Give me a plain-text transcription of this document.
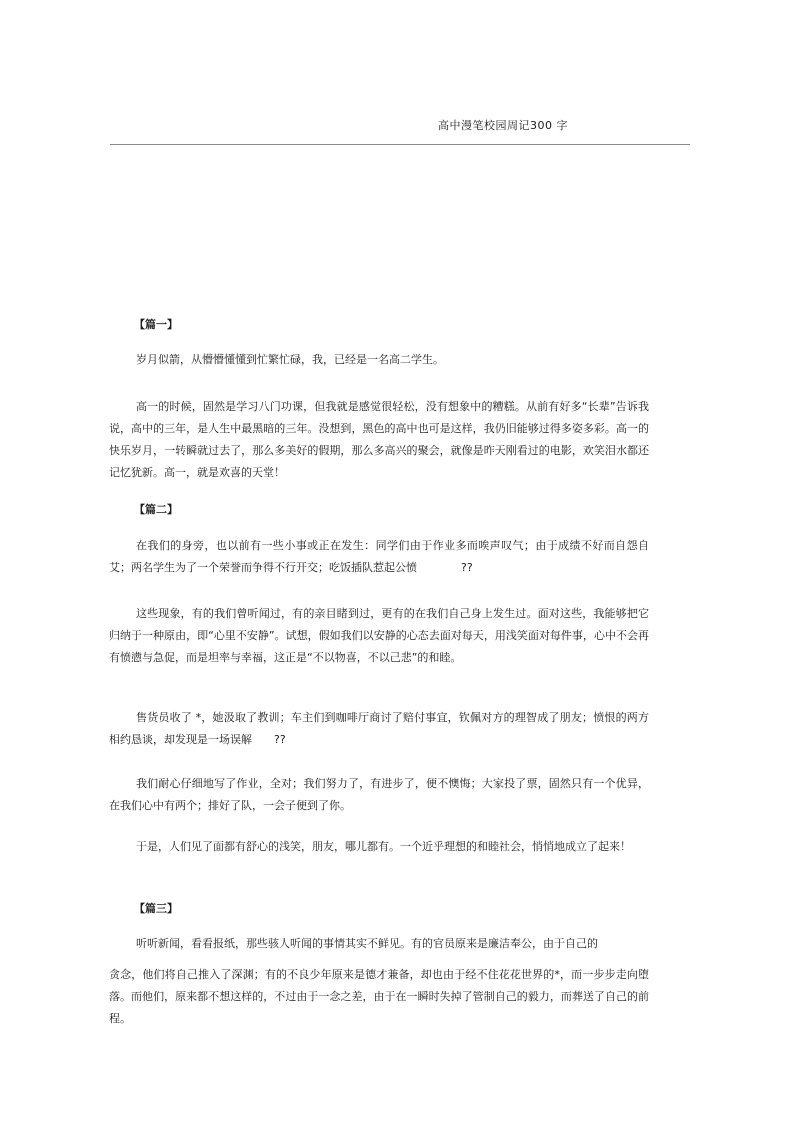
高中漫笔校园周记300 字
【篇一】
岁月似箭，从懵懵懂懂到忙繁忙碌，我，已经是一名高二学生。
高一的时候，固然是学习八门功课，但我就是感觉很轻松，没有想象中的糟糕。从前有好多“长辈”告诉我说，高中的三年，是人生中最黑暗的三年。没想到，黑色的高中也可是这样，我仍旧能够过得多姿多彩。高一的快乐岁月，一转瞬就过去了，那么多美好的假期，那么多高兴的聚会，就像是昨天刚看过的电影，欢笑泪水都还记忆犹新。高一，就是欢喜的天堂！
【篇二】
在我们的身旁，也以前有一些小事或正在发生：同学们由于作业多而唉声叹气；由于成绩不好而自怨自艾；两名学生为了一个荣誉而争得不行开交；吃饭插队惹起公愤　　　　??
这些现象，有的我们曾听闻过，有的亲目睹到过，更有的在我们自己身上发生过。面对这些，我能够把它归纳于一种原由，即“心里不安静”。试想，假如我们以安静的心态去面对每天，用浅笑面对每件事，心中不会再有愤懑与急促，而是坦率与幸福，这正是“不以物喜，不以己悲”的和睦。
售货员收了 *，她汲取了教训；车主们到咖啡厅商讨了赔付事宜，钦佩对方的理智成了朋友；愤恨的两方相约恳谈，却发现是一场误解　　??
我们耐心仔细地写了作业，全对；我们努力了，有进步了，便不懊悔；大家投了票，固然只有一个优异，在我们心中有两个；排好了队，一会子便到了你。
于是，人们见了面都有舒心的浅笑，朋友，哪儿都有。一个近乎理想的和睦社会，悄悄地成立了起来！
【篇三】
听听新闻，看看报纸，那些骇人听闻的事情其实不鲜见。有的官员原来是廉洁奉公，由于自己的
贪念，他们将自己推入了深渊；有的不良少年原来是德才兼备，却也由于经不住花花世界的*，而一步步走向堕落。而他们，原来都不想这样的，不过由于一念之差，由于在一瞬时失掉了管制自己的毅力，而葬送了自己的前程。
